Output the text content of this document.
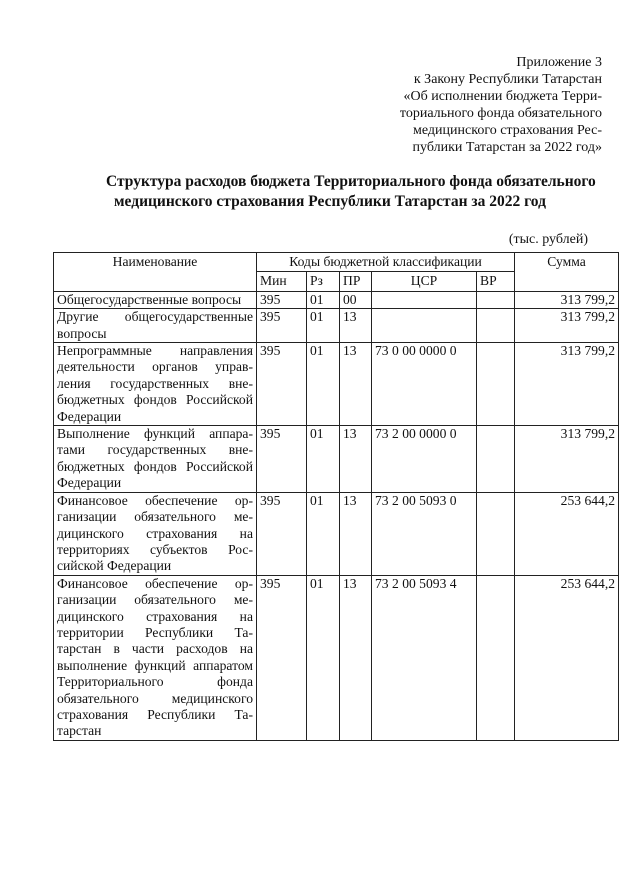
Приложение 3
к Закону Республики Татарстан
«Об исполнении бюджета Терри-
ториального фонда обязательного
медицинского страхования Рес-
публики Татарстан за 2022 год»
Структура расходов бюджета Территориального фонда обязательного
медицинского страхования Республики Татарстан за 2022 год
(тыс. рублей)
Наименование	Коды бюджетной классификации					Сумма
	Мин	Рз	ПР	ЦСР	ВР	
Общегосударственные вопросы	395	01	00			313 799,2
Другие общегосударственные вопросы	395	01	13			313 799,2
Непрограммные направления деятельности органов управления государственных внебюджетных фондов Российской Федерации	395	01	13	73 0 00 0000 0		313 799,2
Выполнение функций аппаратами государственных внебюджетных фондов Российской Федерации	395	01	13	73 2 00 0000 0		313 799,2
Финансовое обеспечение организации обязательного медицинского страхования на территориях субъектов Российской Федерации	395	01	13	73 2 00 5093 0		253 644,2
Финансовое обеспечение организации обязательного медицинского страхования на территории Республики Татарстан в части расходов на выполнение функций аппаратом Территориального фонда обязательного медицинского страхования Республики Татарстан	395	01	13	73 2 00 5093 4		253 644,2
